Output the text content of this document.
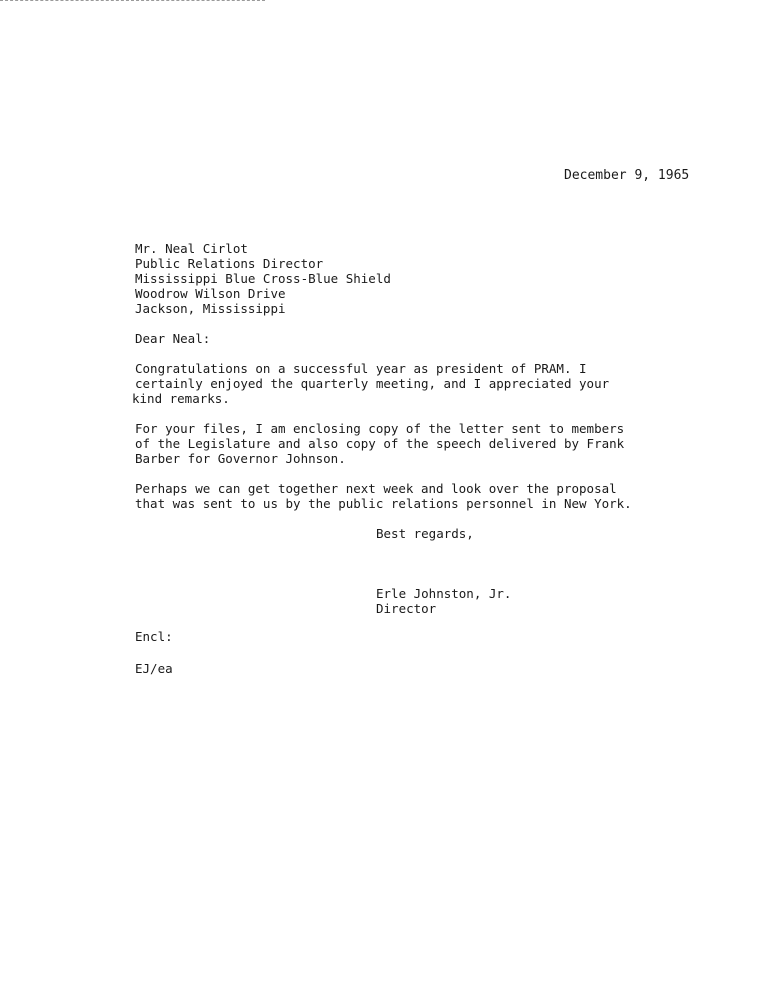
December 9, 1965
Mr. Neal Cirlot
Public Relations Director
Mississippi Blue Cross-Blue Shield
Woodrow Wilson Drive
Jackson, Mississippi
Dear Neal:
Congratulations on a successful year as president of PRAM. I
certainly enjoyed the quarterly meeting, and I appreciated your
kind remarks.
For your files, I am enclosing copy of the letter sent to members
of the Legislature and also copy of the speech delivered by Frank
Barber for Governor Johnson.
Perhaps we can get together next week and look over the proposal
that was sent to us by the public relations personnel in New York.
Best regards,
Erle Johnston, Jr.
Director
Encl:
EJ/ea
